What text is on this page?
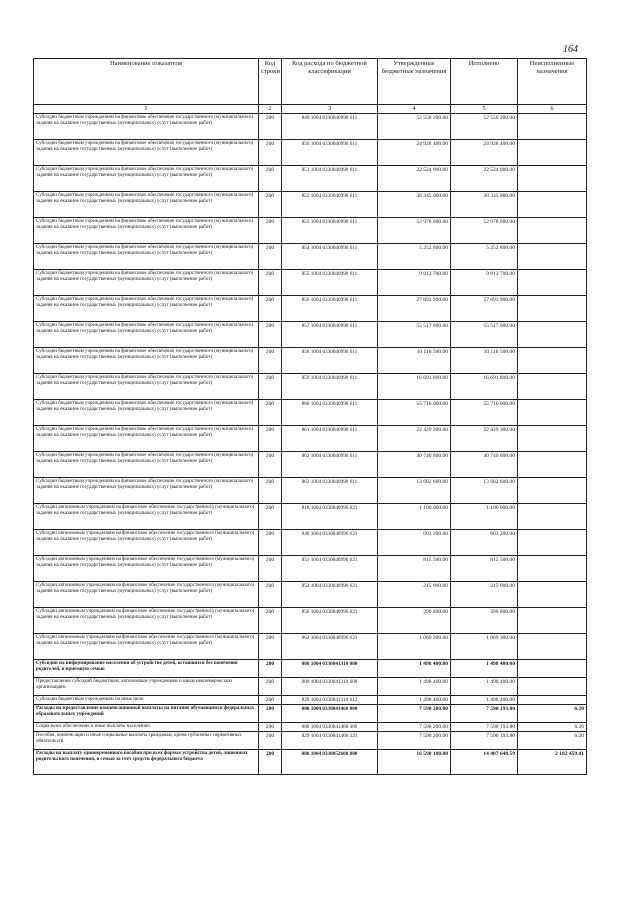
164
Наименование показателя	Код строки	Код расхода по бюджетной классификации	Утвержденные бюджетные назначения	Исполнено	Неисполненные назначения
1	2	3	4	5	6
Субсидии бюджетным учреждениям на финансовое обеспечение государственного (муниципального) задания на оказание государственных (муниципальных) услуг (выполнение работ)	200	849 1004 0330040990 611	52 550 200.00	52 550 200.00	
Субсидии бюджетным учреждениям на финансовое обеспечение государственного (муниципального) задания на оказание государственных (муниципальных) услуг (выполнение работ)	200	850 1004 0330040990 611	24 928 400.00	24 928 400.00	
Субсидии бюджетным учреждениям на финансовое обеспечение государственного (муниципального) задания на оказание государственных (муниципальных) услуг (выполнение работ)	200	851 1004 0330040990 611	22 524 000.00	22 524 000.00	
Субсидии бюджетным учреждениям на финансовое обеспечение государственного (муниципального) задания на оказание государственных (муниципальных) услуг (выполнение работ)	200	852 1004 0330040990 611	38 345 000.00	38 345 000.00	
Субсидии бюджетным учреждениям на финансовое обеспечение государственного (муниципального) задания на оказание государственных (муниципальных) услуг (выполнение работ)	200	853 1004 0330040990 611	52 978 600.00	52 978 600.00	
Субсидии бюджетным учреждениям на финансовое обеспечение государственного (муниципального) задания на оказание государственных (муниципальных) услуг (выполнение работ)	200	854 1004 0330040990 611	5 252 800.00	5 252 800.00	
Субсидии бюджетным учреждениям на финансовое обеспечение государственного (муниципального) задания на оказание государственных (муниципальных) услуг (выполнение работ)	200	855 1004 0330040990 611	9 813 700.00	9 813 700.00	
Субсидии бюджетным учреждениям на финансовое обеспечение государственного (муниципального) задания на оказание государственных (муниципальных) услуг (выполнение работ)	200	856 1004 0330040990 611	27 893 900.00	27 893 900.00	
Субсидии бюджетным учреждениям на финансовое обеспечение государственного (муниципального) задания на оказание государственных (муниципальных) услуг (выполнение работ)	200	857 1004 0330040990 611	55 517 000.00	55 517 000.00	
Субсидии бюджетным учреждениям на финансовое обеспечение государственного (муниципального) задания на оказание государственных (муниципальных) услуг (выполнение работ)	200	858 1004 0330040990 611	10 116 500.00	10 116 500.00	
Субсидии бюджетным учреждениям на финансовое обеспечение государственного (муниципального) задания на оказание государственных (муниципальных) услуг (выполнение работ)	200	859 1004 0330040990 611	16 691 800.00	16 691 800.00	
Субсидии бюджетным учреждениям на финансовое обеспечение государственного (муниципального) задания на оказание государственных (муниципальных) услуг (выполнение работ)	200	860 1004 0330040990 611	55 716 000.00	55 716 000.00	
Субсидии бюджетным учреждениям на финансовое обеспечение государственного (муниципального) задания на оказание государственных (муниципальных) услуг (выполнение работ)	200	861 1004 0330040990 611	22 429 300.00	22 429 300.00	
Субсидии бюджетным учреждениям на финансовое обеспечение государственного (муниципального) задания на оказание государственных (муниципальных) услуг (выполнение работ)	200	862 1004 0330040990 611	40 740 800.00	40 740 800.00	
Субсидии бюджетным учреждениям на финансовое обеспечение государственного (муниципального) задания на оказание государственных (муниципальных) услуг (выполнение работ)	200	863 1004 0330040990 611	13 682 600.00	13 682 600.00	
Субсидии автономным учреждениям на финансовое обеспечение государственного (муниципального) задания на оказание государственных (муниципальных) услуг (выполнение работ)	200	818 1004 0330040990 621	1 100 000.00	1 100 000.00	
Субсидии автономным учреждениям на финансовое обеспечение государственного (муниципального) задания на оказание государственных (муниципальных) услуг (выполнение работ)	200	849 1004 0330040990 621	603 200.00	603 200.00	
Субсидии автономным учреждениям на финансовое обеспечение государственного (муниципального) задания на оказание государственных (муниципальных) услуг (выполнение работ)	200	851 1004 0330040990 621	815 500.00	815 500.00	
Субсидии автономным учреждениям на финансовое обеспечение государственного (муниципального) задания на оказание государственных (муниципальных) услуг (выполнение работ)	200	852 1004 0330040990 621	215 000.00	215 000.00	
Субсидии автономным учреждениям на финансовое обеспечение государственного (муниципального) задания на оказание государственных (муниципальных) услуг (выполнение работ)	200	856 1004 0330040990 621	390 800.00	390 800.00	
Субсидии автономным учреждениям на финансовое обеспечение государственного (муниципального) задания на оказание государственных (муниципальных) услуг (выполнение работ)	200	862 1004 0330040990 621	1 069 300.00	1 069 300.00	
Субсидии на информирование населения об устройстве детей, оставшихся без попечения родителей, в приемную семью	200	000 1004 0330041310 000	1 498 400.00	1 498 400.00	
Предоставление субсидий бюджетным, автономным учреждениям и иным некоммерческим организациям	200	000 1004 0330041310 600	1 498 400.00	1 498 400.00	
Субсидии бюджетным учреждениям на иные цели	200	829 1004 0330041310 612	1 498 400.00	1 498 400.00	
Расходы на предоставление компенсационной выплаты на питание обучающимся федеральных образовательных учреждений	200	000 1004 0330041460 000	7 590 200.00	7 590 193.80	6.20
Социальное обеспечение и иные выплаты населению	200	000 1004 0330041460 300	7 590 200.00	7 590 193.80	6.20
Пособия, компенсации и иные социальные выплаты гражданам, кроме публичных нормативных обязательств	200	829 1004 0330041460 321	7 590 200.00	7 590 193.80	6.20
Расходы на выплату единовременного пособия при всех формах устройства детей, лишенных родительского попечения, в семью за счет средств федерального бюджета	200	000 1004 0330052600 000	16 590 100.00	14 407 640.59	2 182 459.41
